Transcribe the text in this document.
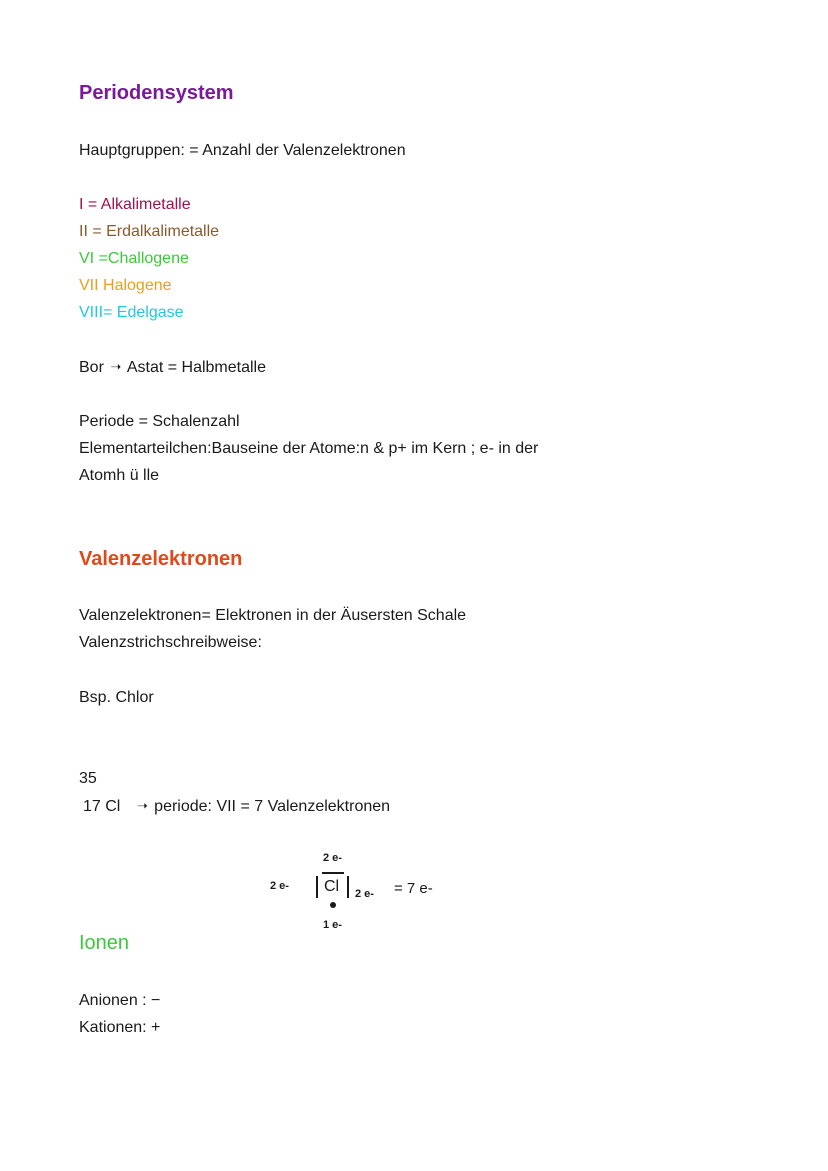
Periodensystem
Hauptgruppen: = Anzahl der Valenzelektronen
I = Alkalimetalle
II = Erdalkalimetalle
VI =Challogene
VII Halogene
VIII= Edelgase
Bor ➝ Astat = Halbmetalle
Periode = Schalenzahl
Elementarteilchen:Bauseine der Atome:n & p+ im Kern ; e- in der
Atomh ü lle
Valenzelektronen
Valenzelektronen= Elektronen in der Äusersten Schale
Valenzstrichschreibweise:
Bsp. Chlor
35
17 Cl ➝ periode: VII = 7 Valenzelektronen
2 e-
2 e- Cl 2 e- = 7 e-
1 e-
Ionen
Anionen : −
Kationen: +
